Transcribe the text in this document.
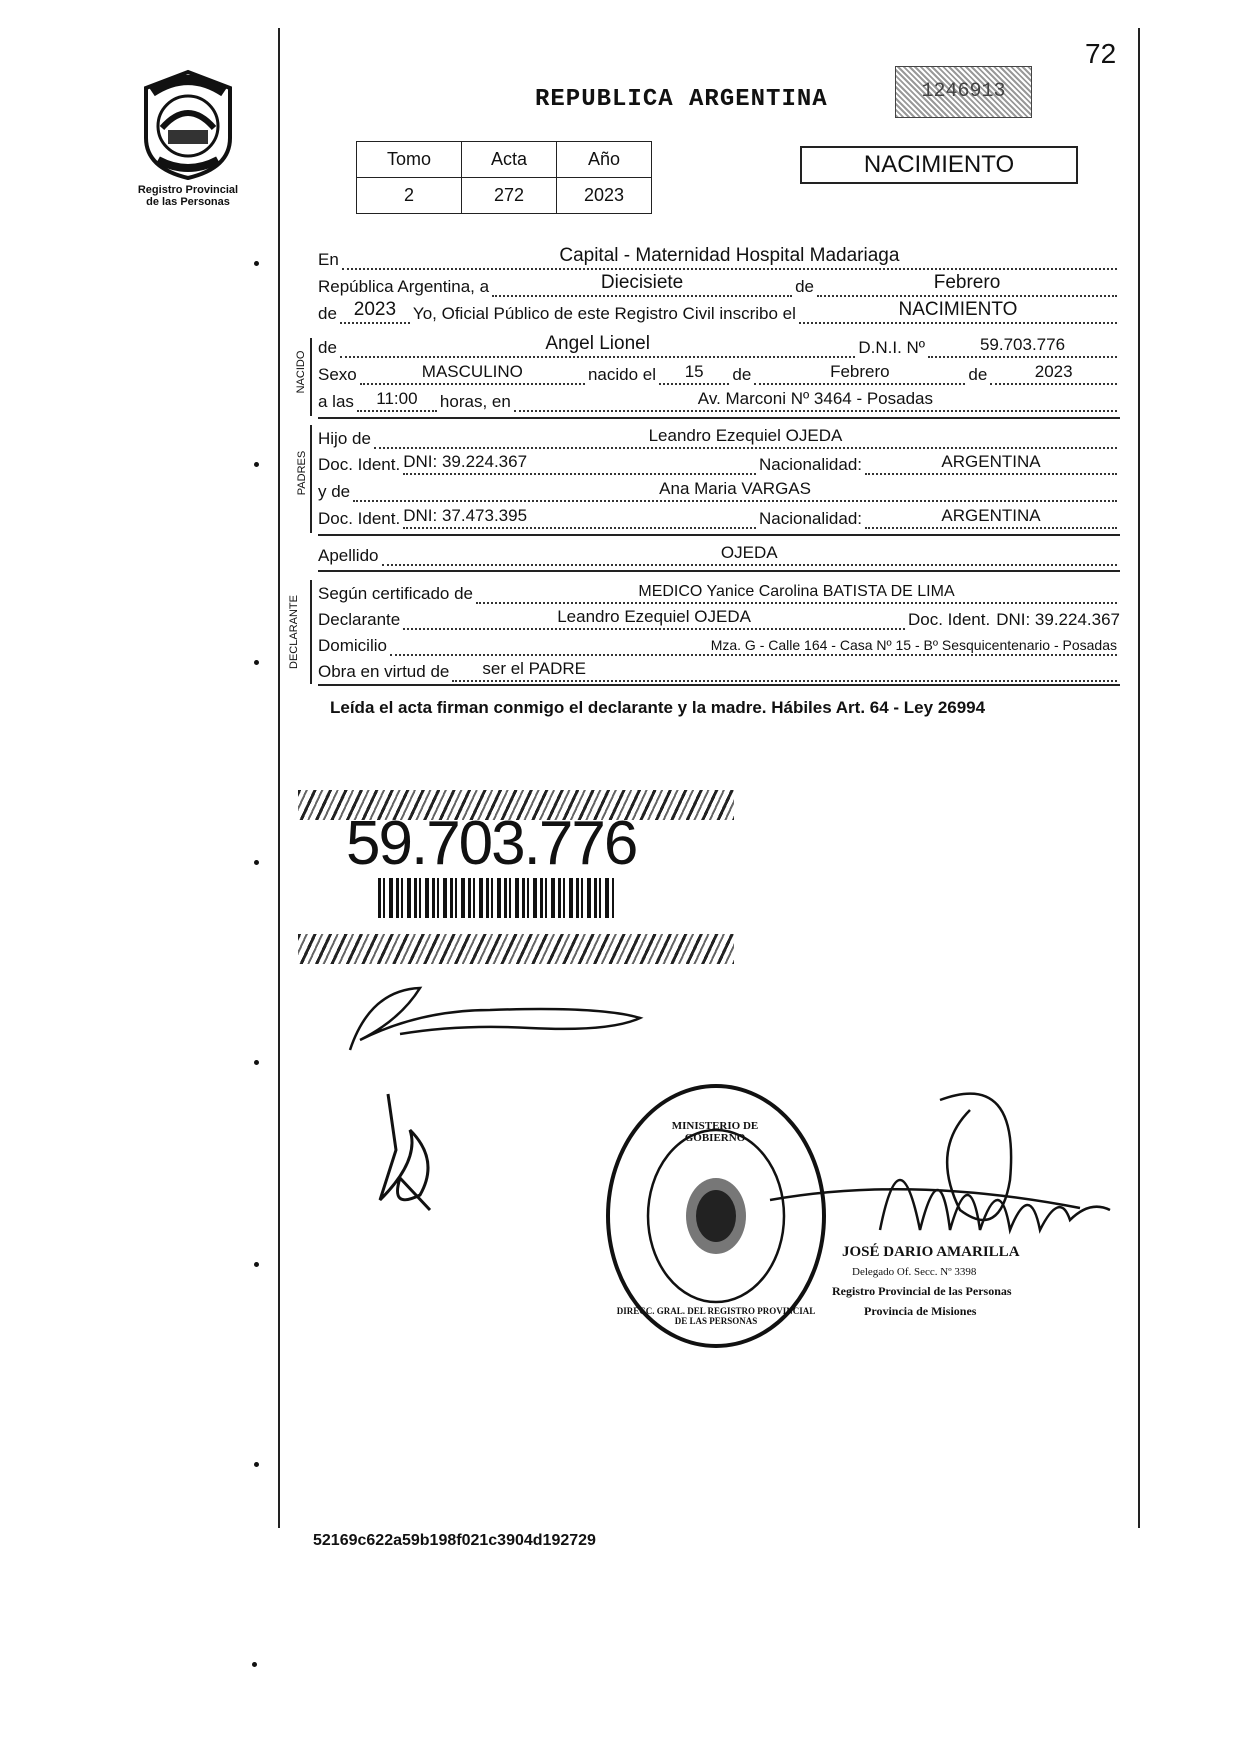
72
Registro Provincial
de las Personas
REPUBLICA ARGENTINA	1246913
Tomo	Acta	Año
2	272	2023
NACIMIENTO
En	Capital - Maternidad Hospital Madariaga
República Argentina, a	Diecisiete	de	Febrero
de 2023 Yo, Oficial Público de este Registro Civil inscribo el	NACIMIENTO
NACIDO
de	Angel Lionel	D.N.I. Nº	59.703.776
Sexo	MASCULINO	nacido el	15	de	Febrero	de	2023
a las	11:00	horas, en	Av. Marconi Nº 3464 - Posadas
PADRES
Hijo de	Leandro Ezequiel OJEDA
Doc. Ident. DNI: 39.224.367	Nacionalidad:	ARGENTINA
y de	Ana Maria VARGAS
Doc. Ident. DNI: 37.473.395	Nacionalidad:	ARGENTINA
Apellido	OJEDA
DECLARANTE
Según certificado de	MEDICO Yanice Carolina BATISTA DE LIMA
Declarante	Leandro Ezequiel OJEDA	Doc. Ident. DNI: 39.224.367
Domicilio	Mza. G - Calle 164 - Casa Nº 15 - Bº Sesquicentenario - Posadas
Obra en virtud de	ser el PADRE
Leída el acta firman conmigo el declarante y la madre. Hábiles Art. 64 - Ley 26994
59.703.776
MINISTERIO DE GOBIERNO
DIRECC. GRAL. DEL REGISTRO PROVINCIAL DE LAS PERSONAS
JOSÉ DARIO AMARILLA
Delegado Of. Secc. Nº 3398
Registro Provincial de las Personas
Provincia de Misiones
52169c622a59b198f021c3904d192729
